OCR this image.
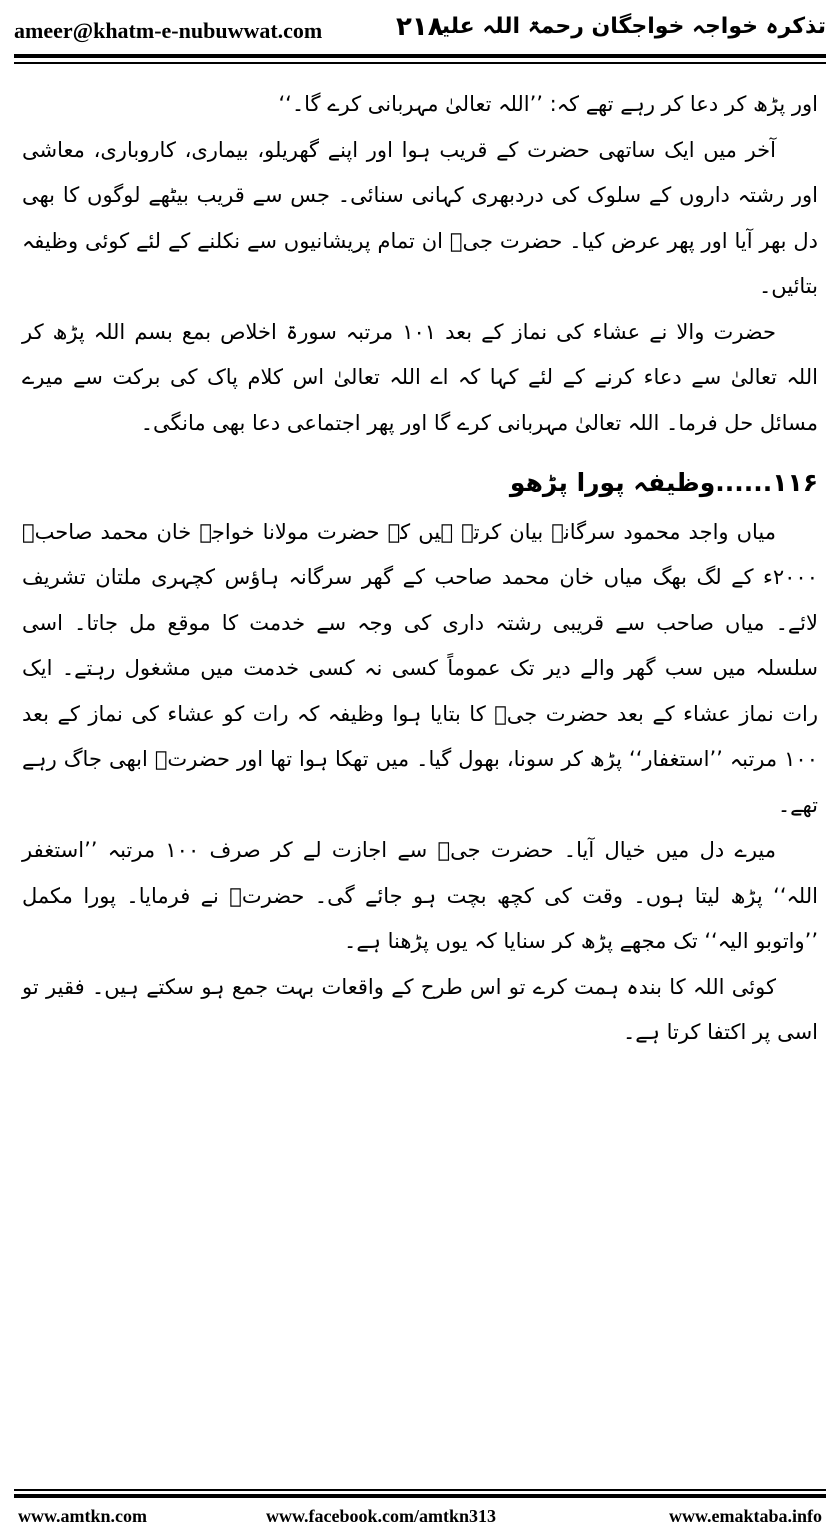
ameer@khatm-e-nubuwwat.com	۲۱۸
تذکرہ خواجہ خواجگان رحمۃ اللہ علیہ

اور پڑھ کر دعا کر رہے تھے کہ: ’’اللہ تعالیٰ مہربانی کرے گا۔‘‘

آخر میں ایک ساتھی حضرت کے قریب ہوا اور اپنے گھریلو، بیماری، کاروباری، معاشی اور رشتہ داروں کے سلوک کی دردبھری کہانی سنائی۔ جس سے قریب بیٹھے لوگوں کا بھی دل بھر آیا اور پھر عرض کیا۔ حضرت جیؒ ان تمام پریشانیوں سے نکلنے کے لئے کوئی وظیفہ بتائیں۔

حضرت والا نے عشاء کی نماز کے بعد ۱۰۱ مرتبہ سورۃ اخلاص بمع بسم اللہ پڑھ کر اللہ تعالیٰ سے دعاء کرنے کے لئے کہا کہ اے اللہ تعالیٰ اس کلام پاک کی برکت سے میرے مسائل حل فرما۔ اللہ تعالیٰ مہربانی کرے گا اور پھر اجتماعی دعا بھی مانگی۔

۱۱۶......وظیفہ پورا پڑھو

میاں واجد محمود سرگانہ بیان کرتے ہیں کہ حضرت مولانا خواجہ خان محمد صاحبؒ ۲۰۰۰ء کے لگ بھگ میاں خان محمد صاحب کے گھر سرگانہ ہاؤس کچہری ملتان تشریف لائے۔ میاں صاحب سے قریبی رشتہ داری کی وجہ سے خدمت کا موقع مل جاتا۔ اسی سلسلہ میں سب گھر والے دیر تک عموماً کسی نہ کسی خدمت میں مشغول رہتے۔ ایک رات نماز عشاء کے بعد حضرت جیؒ کا بتایا ہوا وظیفہ کہ رات کو عشاء کی نماز کے بعد ۱۰۰ مرتبہ ’’استغفار‘‘ پڑھ کر سونا، بھول گیا۔ میں تھکا ہوا تھا اور حضرتؒ ابھی جاگ رہے تھے۔

میرے دل میں خیال آیا۔ حضرت جیؒ سے اجازت لے کر صرف ۱۰۰ مرتبہ ’’استغفر اللہ‘‘ پڑھ لیتا ہوں۔ وقت کی کچھ بچت ہو جائے گی۔ حضرتؒ نے فرمایا۔ پورا مکمل ’’واتوبو الیہ‘‘ تک مجھے پڑھ کر سنایا کہ یوں پڑھنا ہے۔

کوئی اللہ کا بندہ ہمت کرے تو اس طرح کے واقعات بہت جمع ہو سکتے ہیں۔ فقیر تو اسی پر اکتفا کرتا ہے۔

www.amtkn.com	www.facebook.com/amtkn313	www.emaktaba.info
